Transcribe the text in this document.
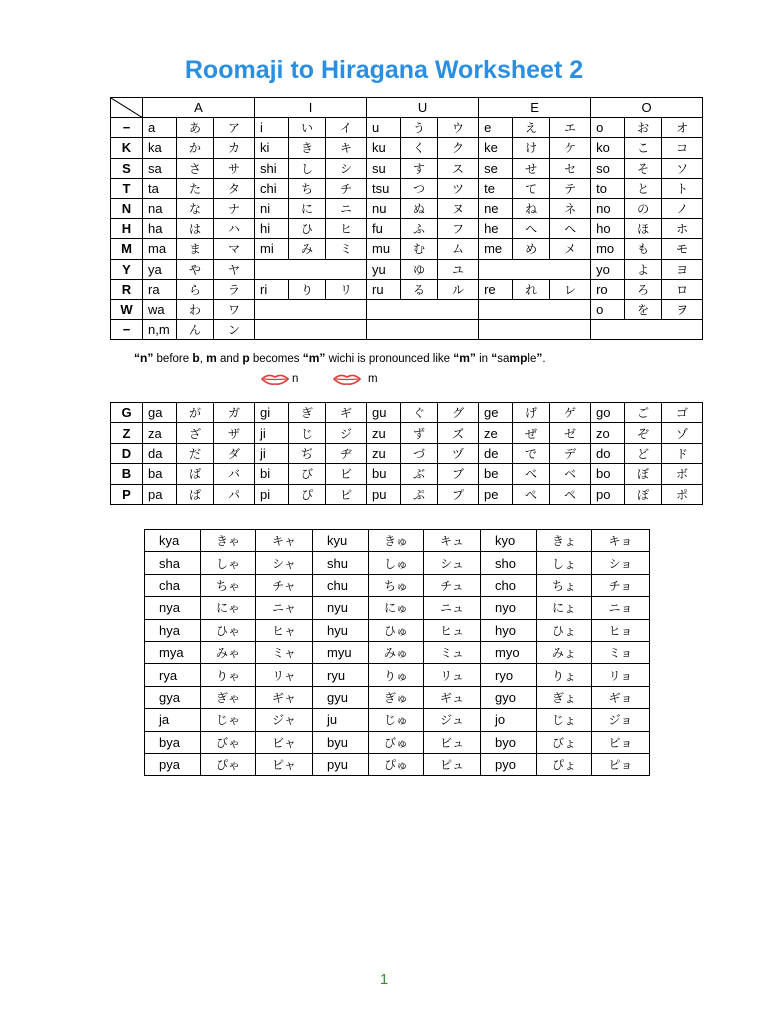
Roomaji to Hiragana Worksheet 2
	A			I			U			E			O		
−	a	あ	ア	i	い	イ	u	う	ウ	e	え	エ	o	お	オ
K	ka	か	カ	ki	き	キ	ku	く	ク	ke	け	ケ	ko	こ	コ
S	sa	さ	サ	shi	し	シ	su	す	ス	se	せ	セ	so	そ	ソ
T	ta	た	タ	chi	ち	チ	tsu	つ	ツ	te	て	テ	to	と	ト
N	na	な	ナ	ni	に	ニ	nu	ぬ	ヌ	ne	ね	ネ	no	の	ノ
H	ha	は	ハ	hi	ひ	ヒ	fu	ふ	フ	he	へ	ヘ	ho	ほ	ホ
M	ma	ま	マ	mi	み	ミ	mu	む	ム	me	め	メ	mo	も	モ
Y	ya	や	ヤ				yu	ゆ	ユ				yo	よ	ヨ
R	ra	ら	ラ	ri	り	リ	ru	る	ル	re	れ	レ	ro	ろ	ロ
W	wa	わ	ワ										o	を	ヲ
−	n,m	ん	ン												
“n” before b, m and p becomes “m” wichi is pronounced like “m” in “sample”.
n	m
G	ga	が	ガ	gi	ぎ	ギ	gu	ぐ	グ	ge	げ	ゲ	go	ご	ゴ
Z	za	ざ	ザ	ji	じ	ジ	zu	ず	ズ	ze	ぜ	ゼ	zo	ぞ	ゾ
D	da	だ	ダ	ji	ぢ	ヂ	zu	づ	ヅ	de	で	デ	do	ど	ド
B	ba	ば	バ	bi	び	ビ	bu	ぶ	ブ	be	べ	ベ	bo	ぼ	ボ
P	pa	ぱ	パ	pi	ぴ	ピ	pu	ぷ	プ	pe	ぺ	ペ	po	ぽ	ポ
kya	きゃ	キャ	kyu	きゅ	キュ	kyo	きょ	キョ
sha	しゃ	シャ	shu	しゅ	シュ	sho	しょ	ショ
cha	ちゃ	チャ	chu	ちゅ	チュ	cho	ちょ	チョ
nya	にゃ	ニャ	nyu	にゅ	ニュ	nyo	にょ	ニョ
hya	ひゃ	ヒャ	hyu	ひゅ	ヒュ	hyo	ひょ	ヒョ
mya	みゃ	ミャ	myu	みゅ	ミュ	myo	みょ	ミョ
rya	りゃ	リャ	ryu	りゅ	リュ	ryo	りょ	リョ
gya	ぎゃ	ギャ	gyu	ぎゅ	ギュ	gyo	ぎょ	ギョ
ja	じゃ	ジャ	ju	じゅ	ジュ	jo	じょ	ジョ
bya	びゃ	ビャ	byu	びゅ	ビュ	byo	びょ	ビョ
pya	ぴゃ	ピャ	pyu	ぴゅ	ピュ	pyo	ぴょ	ピョ
1
